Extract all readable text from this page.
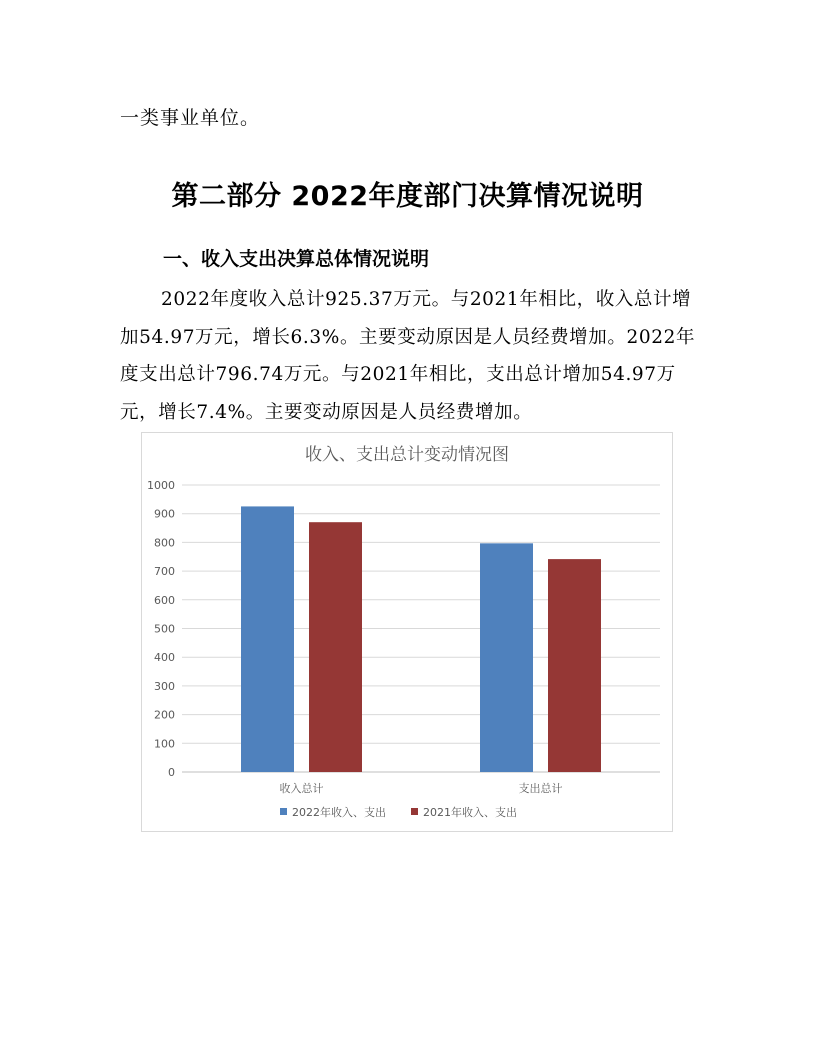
一类事业单位。
第二部分 2022年度部门决算情况说明
一、收入支出决算总体情况说明

2022年度收入总计925.37万元。与2021年相比，收入总计增加54.97万元，增长6.3%。主要变动原因是人员经费增加。2022年度支出总计796.74万元。与2021年相比，支出总计增加54.97万元，增长7.4%。主要变动原因是人员经费增加。

收入、支出总计变动情况图
0
100
200
300
400
500
600
700
800
900
1000
收入总计	支出总计
2022年收入、支出	2021年收入、支出
